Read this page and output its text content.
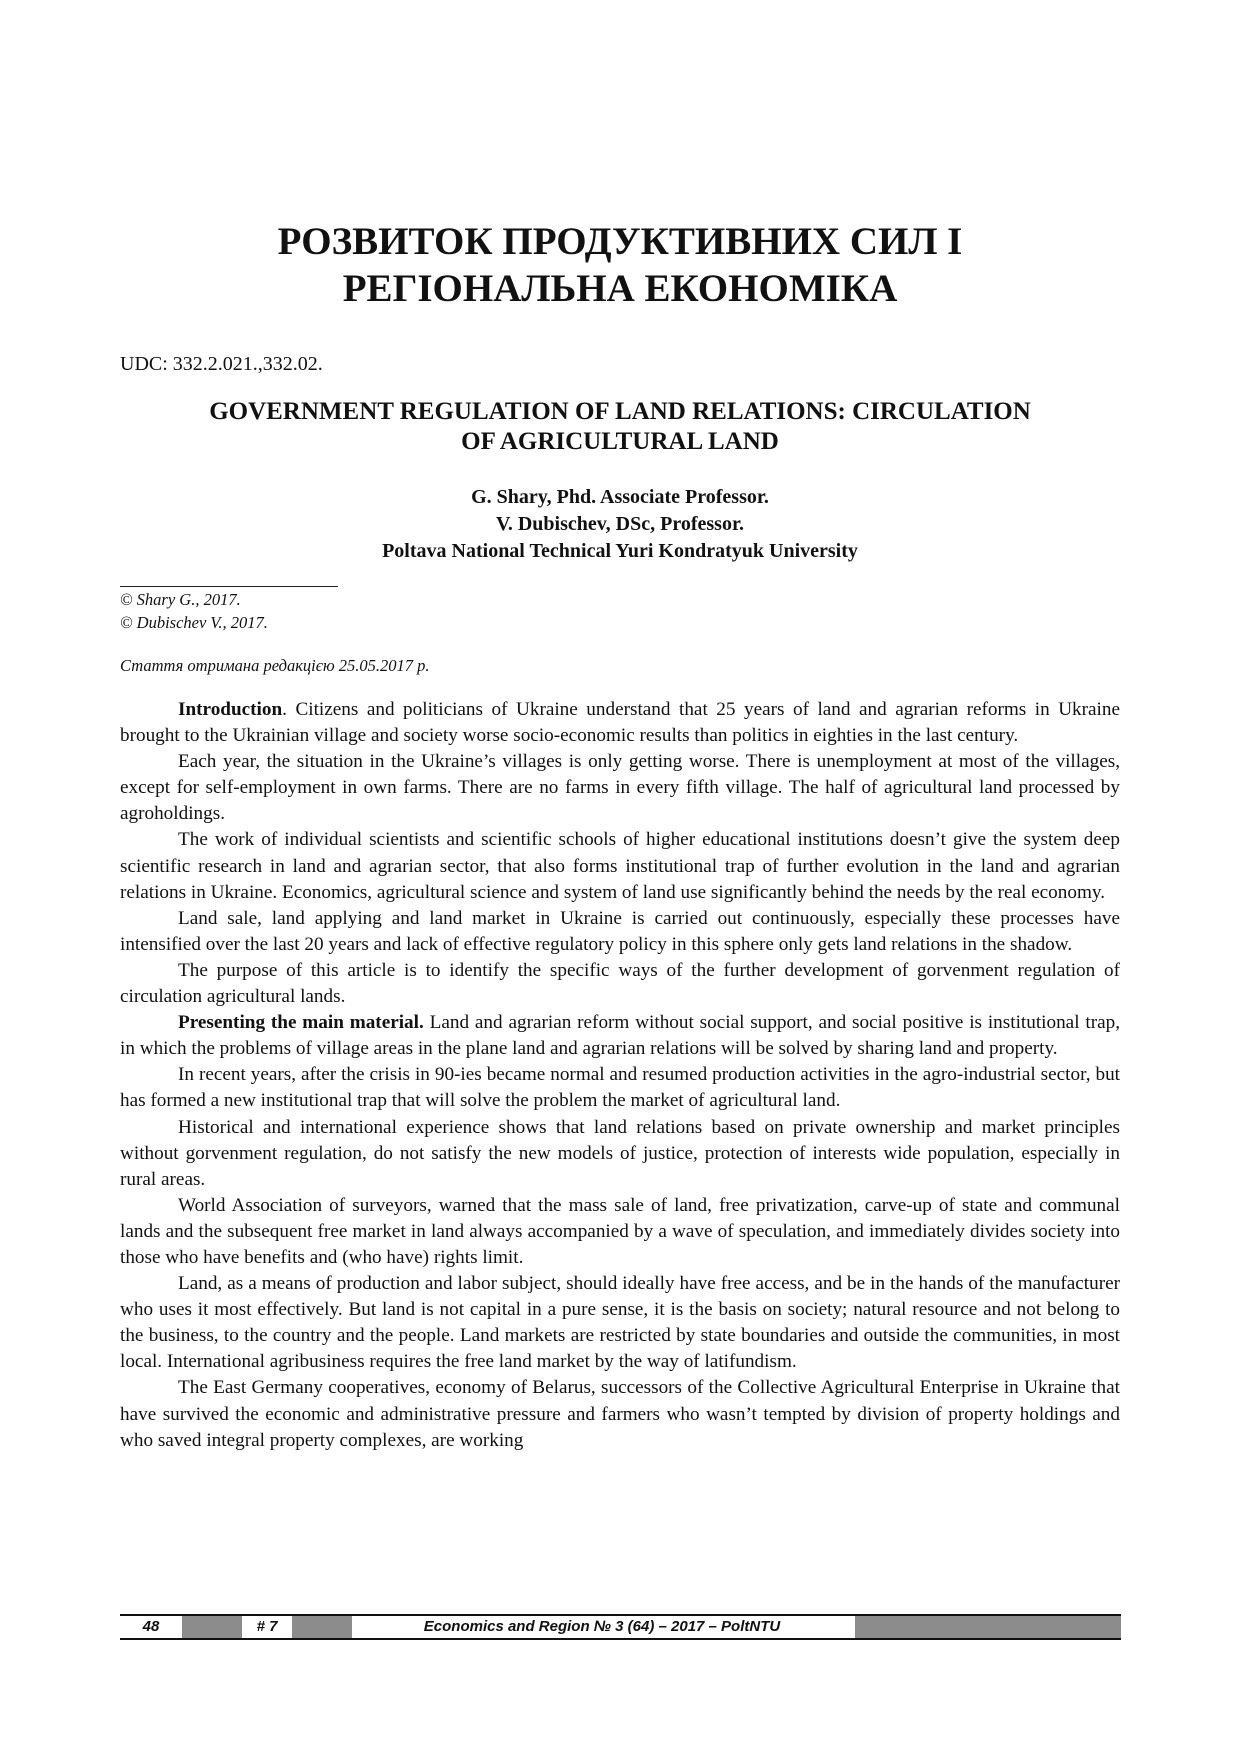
РОЗВИТОК ПРОДУКТИВНИХ СИЛ І
РЕГІОНАЛЬНА ЕКОНОМІКА
UDC: 332.2.021.,332.02.
GOVERNMENT REGULATION OF LAND RELATIONS: CIRCULATION
OF AGRICULTURAL LAND
G. Shary, Phd. Associate Professor.
V. Dubischev, DSc, Professor.
Poltava National Technical Yuri Kondratyuk University
© Shary G., 2017.
© Dubischev V., 2017.
Стаття отримана редакцією 25.05.2017 р.

Introduction. Citizens and politicians of Ukraine understand that 25 years of land and agrarian reforms in Ukraine brought to the Ukrainian village and society worse socio-economic results than politics in eighties in the last century.

Each year, the situation in the Ukraine’s villages is only getting worse. There is unemployment at most of the villages, except for self-employment in own farms. There are no farms in every fifth village. The half of agricultural land processed by agroholdings.

The work of individual scientists and scientific schools of higher educational institutions doesn’t give the system deep scientific research in land and agrarian sector, that also forms institutional trap of further evolution in the land and agrarian relations in Ukraine. Economics, agricultural science and system of land use significantly behind the needs by the real economy.

Land sale, land applying and land market in Ukraine is carried out continuously, especially these processes have intensified over the last 20 years and lack of effective regulatory policy in this sphere only gets land relations in the shadow.

The purpose of this article is to identify the specific ways of the further development of gorvenment regulation of circulation agricultural lands.

Presenting the main material. Land and agrarian reform without social support, and social positive is institutional trap, in which the problems of village areas in the plane land and agrarian relations will be solved by sharing land and property.

In recent years, after the crisis in 90-ies became normal and resumed production activities in the agro-industrial sector, but has formed a new institutional trap that will solve the problem the market of agricultural land.

Historical and international experience shows that land relations based on private ownership and market principles without gorvenment regulation, do not satisfy the new models of justice, protection of interests wide population, especially in rural areas.

World Association of surveyors, warned that the mass sale of land, free privatization, carve-up of state and communal lands and the subsequent free market in land always accompanied by a wave of speculation, and immediately divides society into those who have benefits and (who have) rights limit.

Land, as a means of production and labor subject, should ideally have free access, and be in the hands of the manufacturer who uses it most effectively. But land is not capital in a pure sense, it is the basis on society; natural resource and not belong to the business, to the country and the people. Land markets are restricted by state boundaries and outside the communities, in most local. International agribusiness requires the free land market by the way of latifundism.

The East Germany cooperatives, economy of Belarus, successors of the Collective Agricultural Enterprise in Ukraine that have survived the economic and administrative pressure and farmers who wasn’t tempted by division of property holdings and who saved integral property complexes, are working

48	# 7	Economics and Region № 3 (64) – 2017 – PoltNTU
